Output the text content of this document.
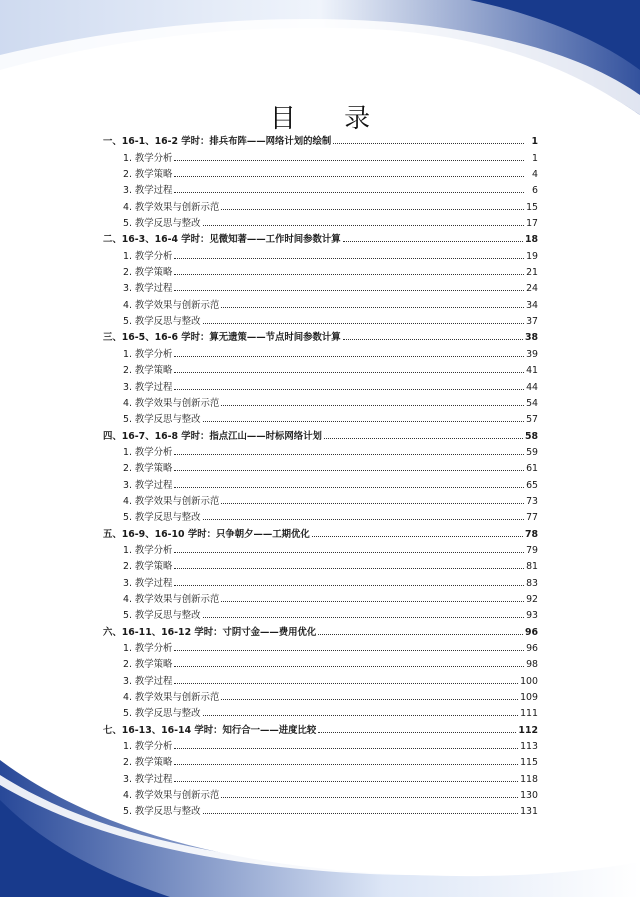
目 录
一、16-1、16-2 学时：排兵布阵——网络计划的绘制	1
1. 教学分析	1
2. 教学策略	4
3. 教学过程	6
4. 教学效果与创新示范	15
5. 教学反思与整改	17
二、16-3、16-4 学时：见微知著——工作时间参数计算	18
1. 教学分析	19
2. 教学策略	21
3. 教学过程	24
4. 教学效果与创新示范	34
5. 教学反思与整改	37
三、16-5、16-6 学时：算无遗策——节点时间参数计算	38
1. 教学分析	39
2. 教学策略	41
3. 教学过程	44
4. 教学效果与创新示范	54
5. 教学反思与整改	57
四、16-7、16-8 学时：指点江山——时标网络计划	58
1. 教学分析	59
2. 教学策略	61
3. 教学过程	65
4. 教学效果与创新示范	73
5. 教学反思与整改	77
五、16-9、16-10 学时：只争朝夕——工期优化	78
1. 教学分析	79
2. 教学策略	81
3. 教学过程	83
4. 教学效果与创新示范	92
5. 教学反思与整改	93
六、16-11、16-12 学时：寸阴寸金——费用优化	96
1. 教学分析	96
2. 教学策略	98
3. 教学过程	100
4. 教学效果与创新示范	109
5. 教学反思与整改	111
七、16-13、16-14 学时：知行合一——进度比较	112
1. 教学分析	113
2. 教学策略	115
3. 教学过程	118
4. 教学效果与创新示范	130
5. 教学反思与整改	131
